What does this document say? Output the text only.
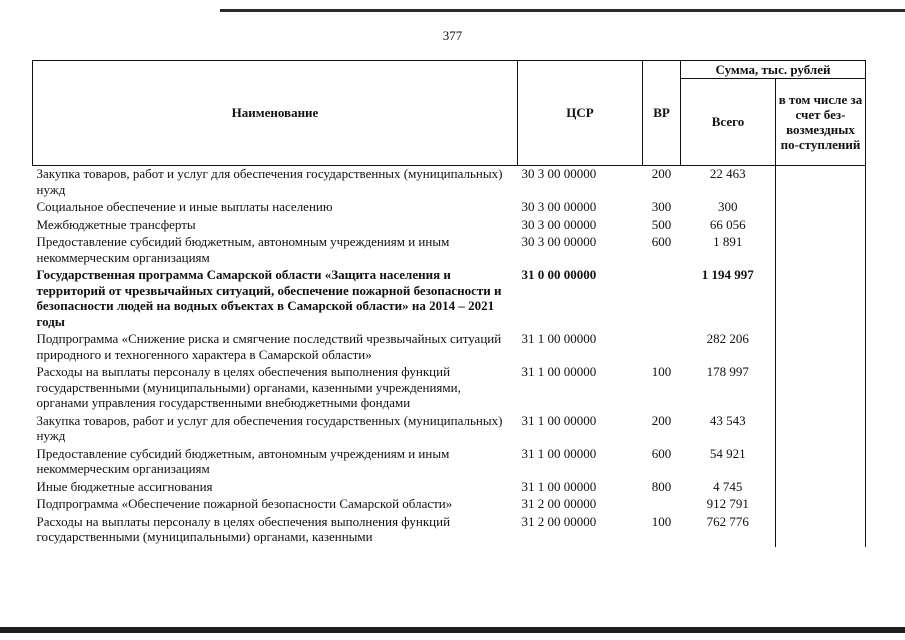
377
Наименование	ЦСР	ВР	Сумма, тыс. рублей	
			Всего	в том числе за счет без-возмездных по-ступлений
Закупка товаров, работ и услуг для обеспечения государственных (муниципальных) нужд	30 3 00 00000	200	22 463	
Социальное обеспечение и иные выплаты населению	30 3 00 00000	300	300	
Межбюджетные трансферты	30 3 00 00000	500	66 056	
Предоставление субсидий бюджетным, автономным учреждениям и иным некоммерческим организациям	30 3 00 00000	600	1 891	
Государственная программа Самарской области «Защита населения и территорий от чрезвычайных ситуаций, обеспечение пожарной безопасности и безопасности людей на водных объектах в Самарской области» на 2014 – 2021 годы	31 0 00 00000		1 194 997	
Подпрограмма «Снижение риска и смягчение последствий чрезвычайных ситуаций природного и техногенного характера в Самарской области»	31 1 00 00000		282 206	
Расходы на выплаты персоналу в целях обеспечения выполнения функций государственными (муниципальными) органами, казенными учреждениями, органами управления государственными внебюджетными фондами	31 1 00 00000	100	178 997	
Закупка товаров, работ и услуг для обеспечения государственных (муниципальных) нужд	31 1 00 00000	200	43 543	
Предоставление субсидий бюджетным, автономным учреждениям и иным некоммерческим организациям	31 1 00 00000	600	54 921	
Иные бюджетные ассигнования	31 1 00 00000	800	4 745	
Подпрограмма «Обеспечение пожарной безопасности Самарской области»	31 2 00 00000		912 791	
Расходы на выплаты персоналу в целях обеспечения выполнения функций государственными (муниципальными) органами, казенными	31 2 00 00000	100	762 776	
